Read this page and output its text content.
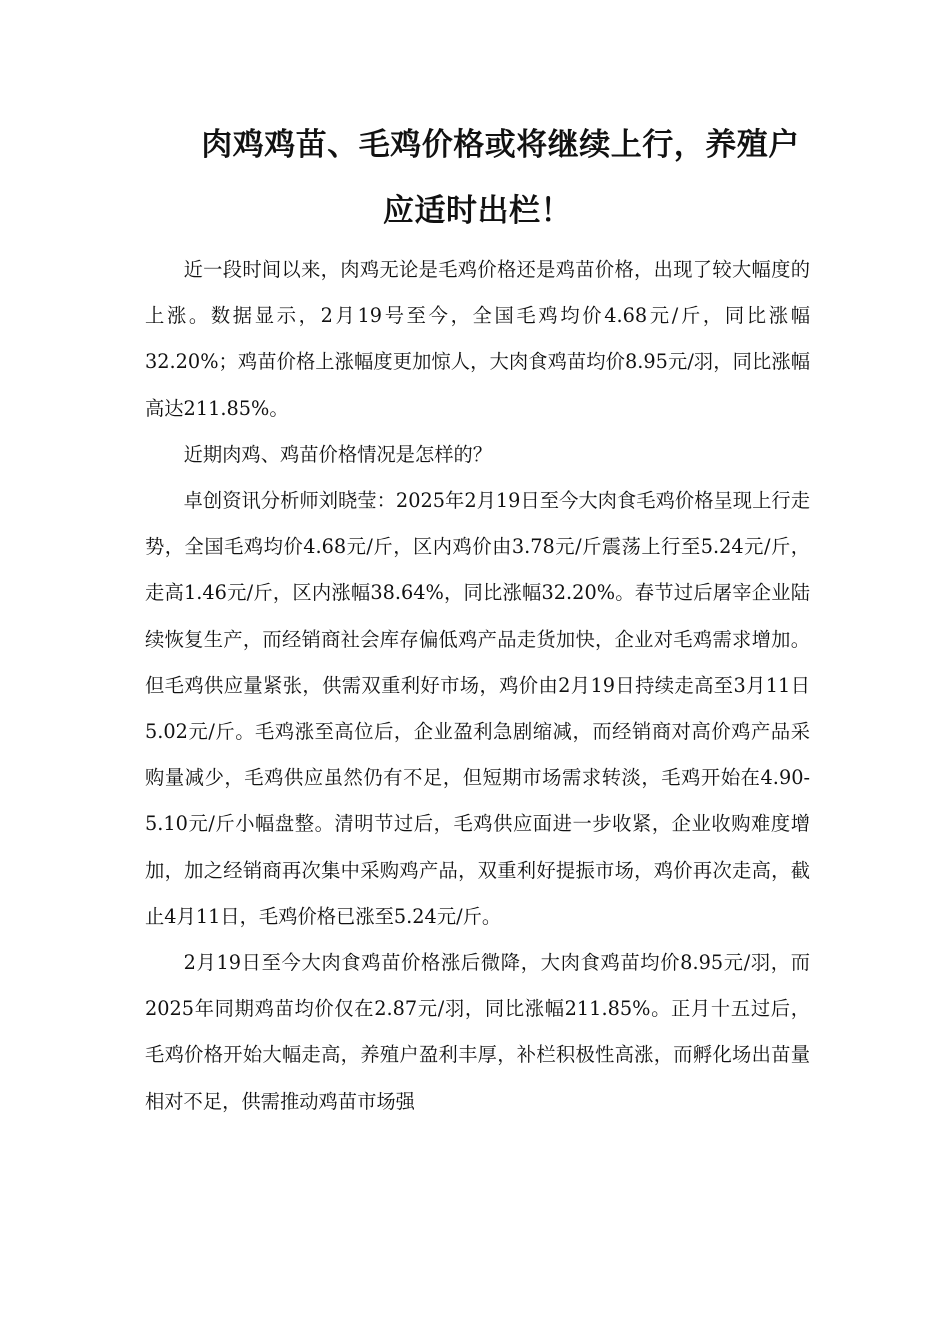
肉鸡鸡苗、毛鸡价格或将继续上行，养殖户应适时出栏！

近一段时间以来，肉鸡无论是毛鸡价格还是鸡苗价格，出现了较大幅度的上涨。数据显示，2月19号至今，全国毛鸡均价4.68元/斤，同比涨幅32.20%；鸡苗价格上涨幅度更加惊人，大肉食鸡苗均价8.95元/羽，同比涨幅高达211.85%。

近期肉鸡、鸡苗价格情况是怎样的？

卓创资讯分析师刘晓莹：2025年2月19日至今大肉食毛鸡价格呈现上行走势，全国毛鸡均价4.68元/斤，区内鸡价由3.78元/斤震荡上行至5.24元/斤，走高1.46元/斤，区内涨幅38.64%，同比涨幅32.20%。春节过后屠宰企业陆续恢复生产，而经销商社会库存偏低鸡产品走货加快，企业对毛鸡需求增加。但毛鸡供应量紧张，供需双重利好市场，鸡价由2月19日持续走高至3月11日5.02元/斤。毛鸡涨至高位后，企业盈利急剧缩减，而经销商对高价鸡产品采购量减少，毛鸡供应虽然仍有不足，但短期市场需求转淡，毛鸡开始在4.90-5.10元/斤小幅盘整。清明节过后，毛鸡供应面进一步收紧，企业收购难度增加，加之经销商再次集中采购鸡产品，双重利好提振市场，鸡价再次走高，截止4月11日，毛鸡价格已涨至5.24元/斤。

2月19日至今大肉食鸡苗价格涨后微降，大肉食鸡苗均价8.95元/羽，而2025年同期鸡苗均价仅在2.87元/羽，同比涨幅211.85%。正月十五过后，毛鸡价格开始大幅走高，养殖户盈利丰厚，补栏积极性高涨，而孵化场出苗量相对不足，供需推动鸡苗市场强
